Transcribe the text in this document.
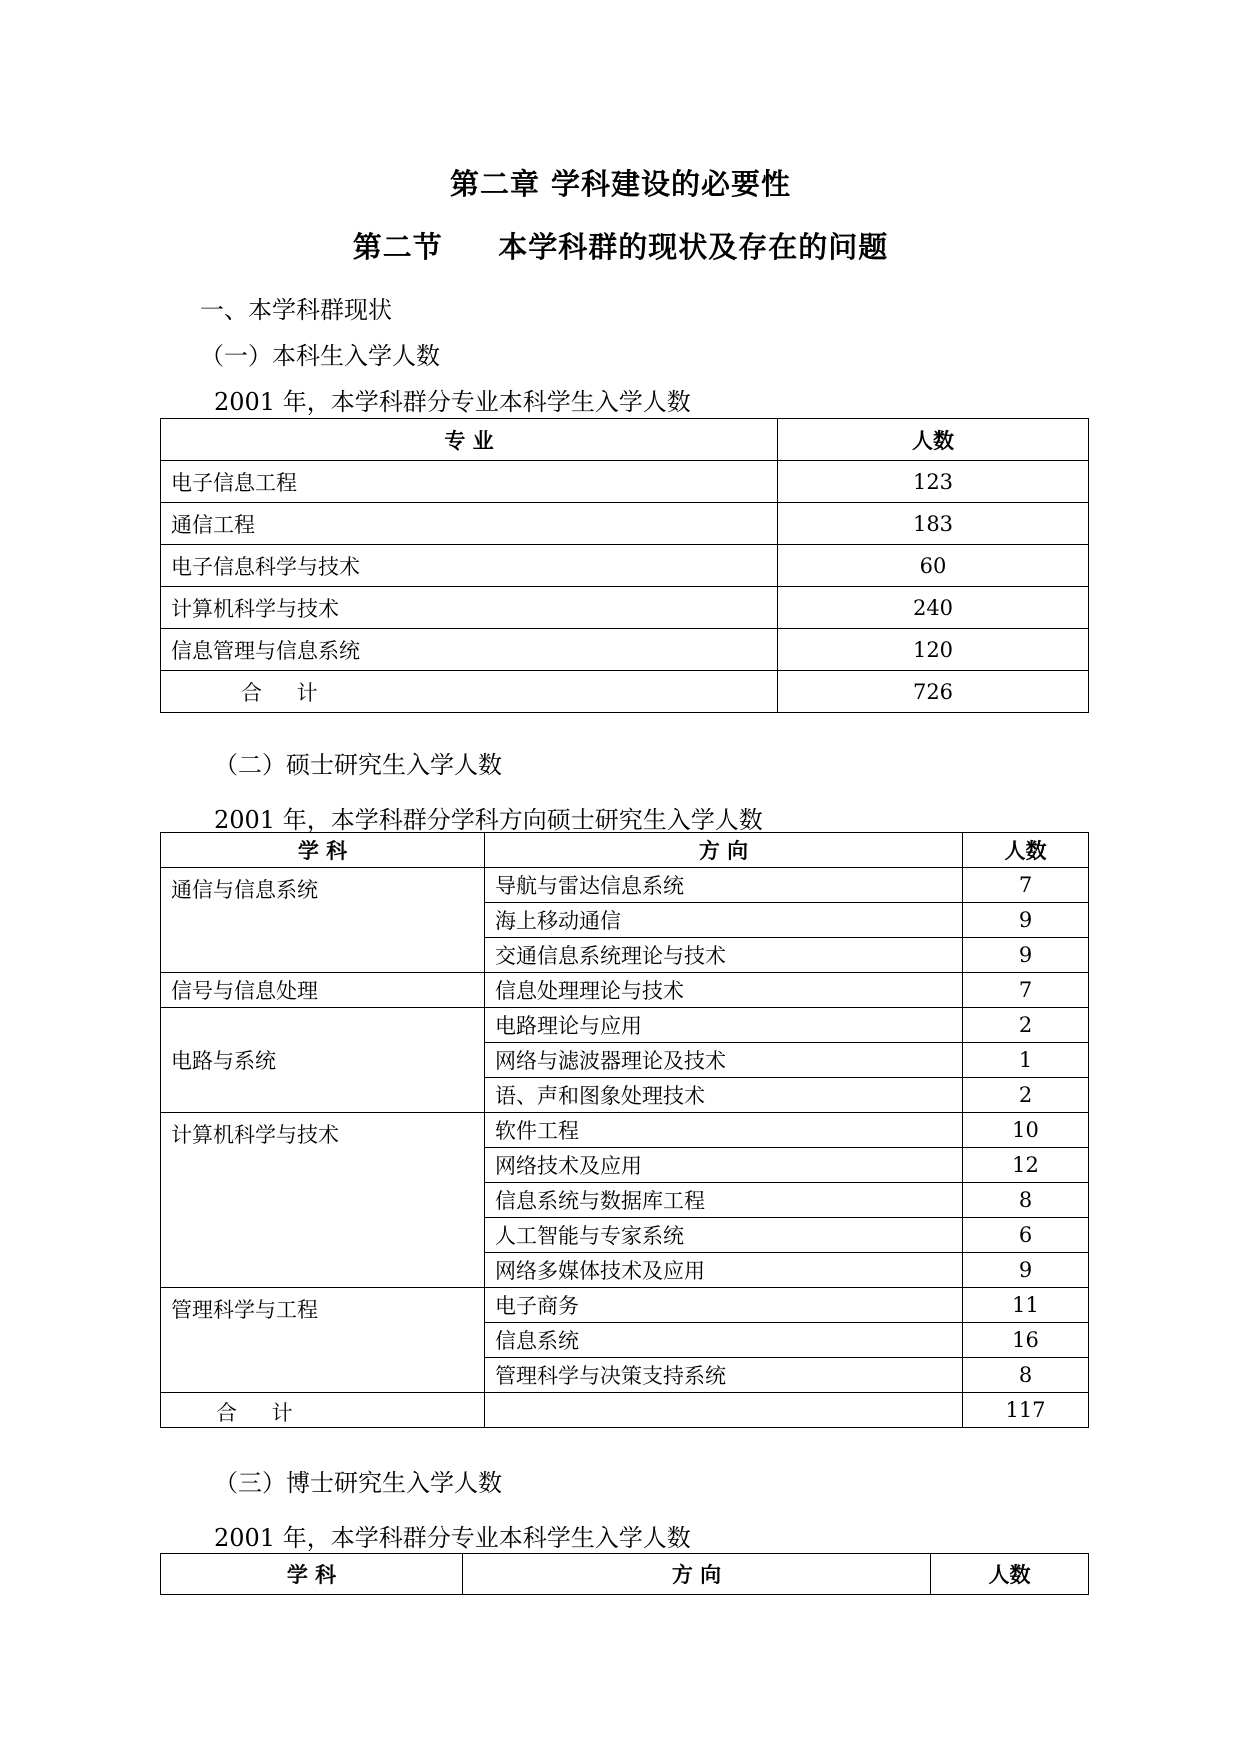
第二章 学科建设的必要性
第二节     本学科群的现状及存在的问题
一、本学科群现状
（一）本科生入学人数
2001 年，本学科群分专业本科学生入学人数
专 业	人数
电子信息工程	123
通信工程	183
电子信息科学与技术	60
计算机科学与技术	240
信息管理与信息系统	120
合 计	726
（二）硕士研究生入学人数
2001 年，本学科群分学科方向硕士研究生入学人数
学 科	方 向	人数
通信与信息系统	导航与雷达信息系统	7
	海上移动通信	9
	交通信息系统理论与技术	9
信号与信息处理	信息处理理论与技术	7
电路与系统	电路理论与应用	2
	网络与滤波器理论及技术	1
	语、声和图象处理技术	2
计算机科学与技术	软件工程	10
	网络技术及应用	12
	信息系统与数据库工程	8
	人工智能与专家系统	6
	网络多媒体技术及应用	9
管理科学与工程	电子商务	11
	信息系统	16
	管理科学与决策支持系统	8
合 计		117
（三）博士研究生入学人数
2001 年，本学科群分专业本科学生入学人数
学 科	方 向	人数
